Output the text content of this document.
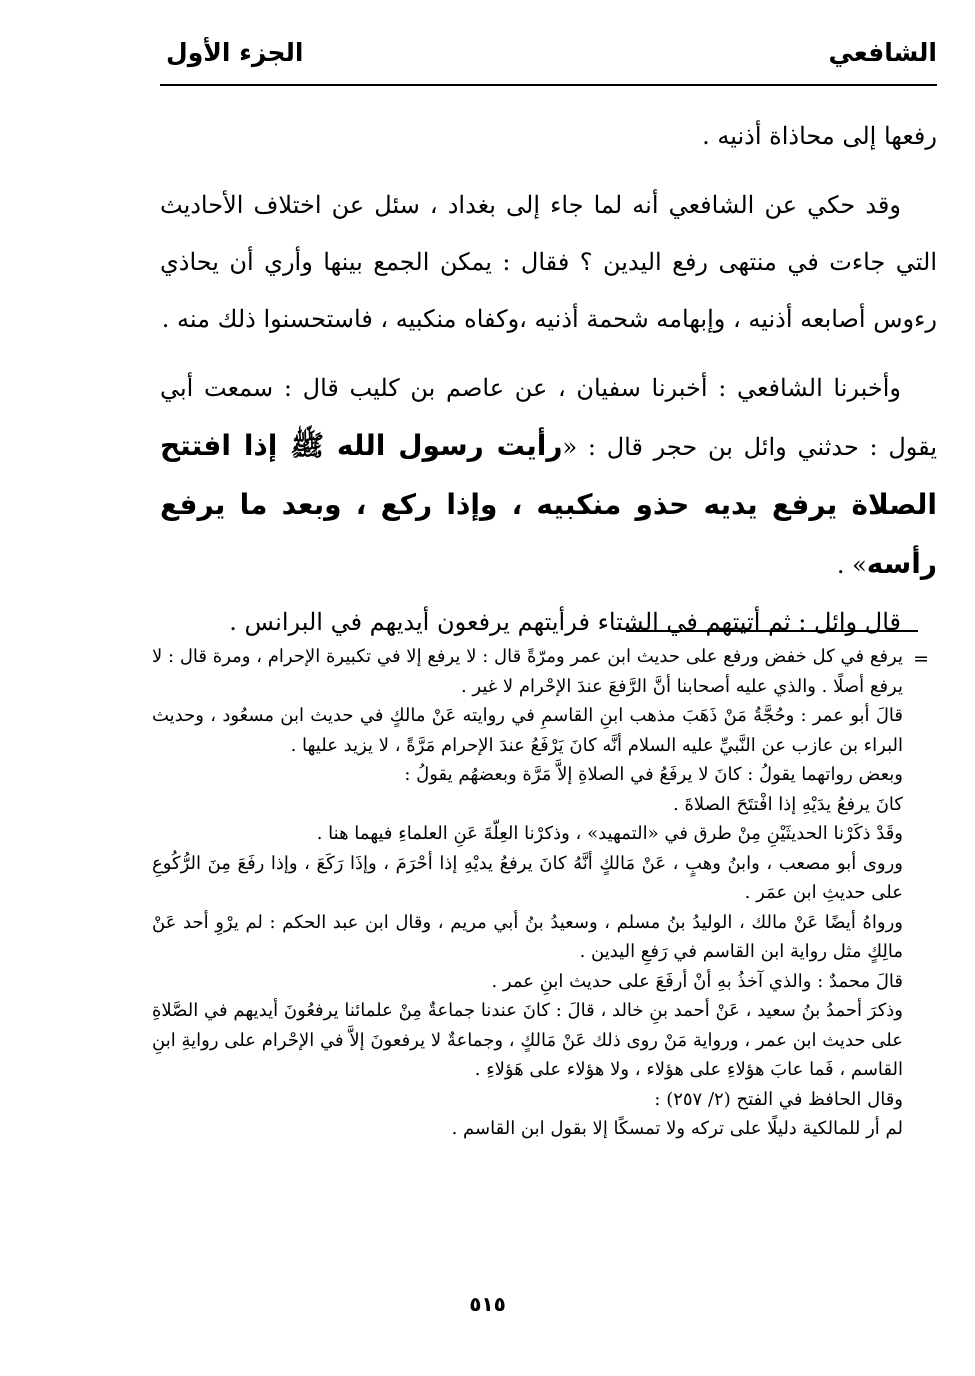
الشافعي
الجزء الأول

رفعها إلى محاذاة أذنيه .

وقد حكي عن الشافعي أنه لما جاء إلى بغداد ، سئل عن اختلاف الأحاديث التي جاءت في منتهى رفع اليدين ؟ فقال : يمكن الجمع بينها وأري أن يحاذي رءوس أصابعه أذنيه ، وإبهامه شحمة أذنيه ،وكفاه منكبيه ، فاستحسنوا ذلك منه .

وأخبرنا الشافعي : أخبرنا سفيان ، عن عاصم بن كليب قال : سمعت أبي يقول : حدثني وائل بن حجر قال : «رأيت رسول الله ﷺ إذا افتتح الصلاة يرفع يديه حذو منكبيه ، وإذا ركع ، وبعد ما يرفع رأسه» .

قال وائل : ثم أتيتهم في الشتاء فرأيتهم يرفعون أيديهم في البرانس .

=

يرفع في كل خفض ورفع على حديث ابن عمر ومرّةً قال : لا يرفع إلا في تكبيرة الإحرام ، ومرة قال : لا يرفع أصلًا . والذي عليه أصحابنا أنَّ الرَّفعَ عندَ الإحْرام لا غير .

قالَ أبو عمر : وحُجَّةُ مَنْ ذَهَبَ مذهب ابنِ القاسمِ في روايته عَنْ مالكٍ في حديث ابن مسعُود ، وحديث البراء بن عازب عن النَّبيِّ عليه السلام أنَّه كانَ يَرْفَعُ عندَ الإحرام مَرَّةً ، لا يزيد عليها .

وبعض رواتهما يقولُ : كانَ لا يرفَعُ في الصلاةِ إلاَّ مَرَّة وبعضهُم يقولُ :

كانَ يرفعُ يدَيْهِ إذا افْتتَحَ الصلاةَ .

وقَدْ ذكَرْنا الحديثَيْنِ مِنْ طرق في «التمهيد» ، وذكرْنا العِلّةَ عَنِ العلماءِ فيهما هنا .

وروى أبو مصعب ، وابنُ وهبٍ ، عَنْ مَالكٍ أنَّهُ كانَ يرفعُ يديْهِ إذا أحْرَمَ ، وإذَا رَكَعَ ، وإذا رفَعَ مِنَ الرُّكُوعِ على حديثِ ابن عمَر .

ورواهُ أيضًا عَنْ مالك ، الوليدُ بنُ مسلم ، وسعيدُ بنُ أبي مريم ، وقال ابن عبد الحكم : لم يرْوِ أحد عَنْ مالِكٍ مثل رواية ابن القاسم في رَفعِ اليدين .

قالَ محمدٌ : والذي آخذُ بهِ أنْ أرفَعَ على حديث ابنِ عمر .

وذكرَ أحمدُ بنُ سعيد ، عَنْ أحمد بنِ خالد ، قالَ : كانَ عندنا جماعةٌ مِنْ علمائنا يرفعُونَ أيديهم في الصَّلاةِ على حديث ابن عمر ، ورواية مَنْ روى ذلك عَنْ مَالكٍ ، وجماعةٌ لا يرفعونَ إلاَّ في الإحْرام على روايةِ ابنِ القاسم ، فَما عابَ هؤلاءِ على هؤلاء ، ولا هؤلاء على هَؤلاءِ .

وقال الحافظ في الفتح (٢/ ٢٥٧) :

لم أر للمالكية دليلًا على تركه ولا تمسكًا إلا بقول ابن القاسم .

٥١٥
